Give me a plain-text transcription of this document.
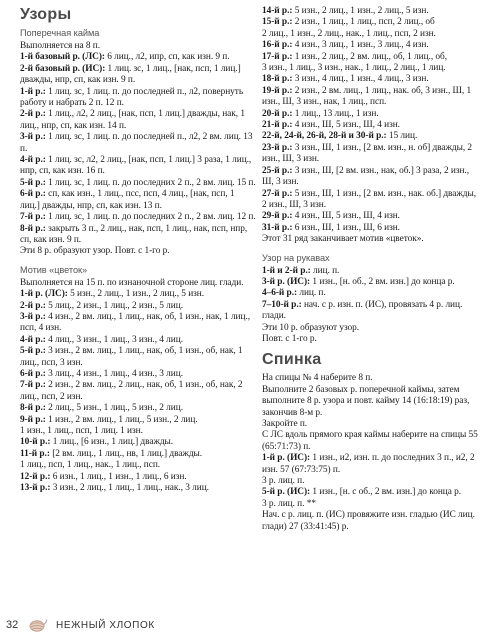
Узоры
Поперечная кайма

Выполняется на 8 п.

1-й базовый р. (ЛС): 6 лиц., л2, ипр, сп, как изн. 9 п.

2-й базовый р. (ИС): 1 лиц. зс, 1 лиц., [нак, псп, 1 лиц.] дважды, нпр, сп, как изн. 9 п.

1-й р.: 1 лиц. зс, 1 лиц. п. до последней п., л2, повернуть работу и набрать 2 п. 12 п.

2-й р.: 1 лиц., л2, 2 лиц., [нак, псп, 1 лиц.] дважды, нак, 1 лиц., нпр, сп, как изн. 14 п.

3-й р.: 1 лиц. зс, 1 лиц. п. до последней п., л2, 2 вм. лиц. 13 п.

4-й р.: 1 лиц. зс, л2, 2 лиц., [нак, псп, 1 лиц.] 3 раза, 1 лиц., нпр, сп, как изн. 16 п.

5-й р.: 1 лиц. зс, 1 лиц. п. до последних 2 п., 2 вм. лиц. 15 п.

6-й р.: сп, как изн., 1 лиц., псс, псп, 4 лиц., [нак, псп, 1 лиц.] дважды, нпр, сп, как изн. 13 п.

7-й р.: 1 лиц. зс, 1 лиц. п. до последних 2 п., 2 вм. лиц. 12 п.

8-й р.: закрыть 3 п., 2 лиц., нак, псп, 1 лиц., нак, псп, нпр, сп, как изн. 9 п.

Эти 8 р. образуют узор. Повт. с 1-го р.

Мотив «цветок»

Выполняется на 15 п. по изнаночной стороне лиц. глади.

1-й р. (ЛС): 5 изн., 2 лиц., 1 изн., 2 лиц., 5 изн.

2-й р.: 5 лиц., 2 изн., 1 лиц., 2 изн., 5 лиц.

3-й р.: 4 изн., 2 вм. лиц., 1 лиц., нак, об, 1 изн., нак, 1 лиц., псп, 4 изн.

4-й р.: 4 лиц., 3 изн., 1 лиц., 3 изн., 4 лиц.

5-й р.: 3 изн., 2 вм. лиц., 1 лиц., нак, об, 1 изн., об, нак, 1 лиц., псп, 3 изн.

6-й р.: 3 лиц., 4 изн., 1 лиц., 4 изн., 3 лиц.

7-й р.: 2 изн., 2 вм. лиц., 2 лиц., нак, об, 1 изн., об, нак, 2 лиц., псп, 2 изн.

8-й р.: 2 лиц., 5 изн., 1 лиц., 5 изн., 2 лиц.

9-й р.: 1 изн., 2 вм. лиц., 1 лиц., 5 изн., 2 лиц.

1 изн., 1 лиц., псп, 1 лиц. 1 изн.

10-й р.: 1 лиц., [6 изн., 1 лиц.] дважды.

11-й р.: [2 вм. лиц., 1 лиц., нв, 1 лиц.] дважды.

1 лиц., псп, 1 лиц., нак., 1 лиц., псп.

12-й р.: 6 изн., 1 лиц., 1 изн., 1 лиц., 6 изн.

13-й р.: 3 изн., 2 лиц., 1 лиц., 1 лиц., нак., 3 лиц.

14-й р.: 5 изн., 2 лиц., 1 изн., 2 лиц., 5 изн.

15-й р.: 2 изн., 1 лиц., 1 лиц., псп, 2 лиц., об

2 лиц., 1 изн., 2 лиц., нак., 1 лиц., псп, 2 изн.

16-й р.: 4 изн., 3 лиц., 1 изн., 3 лиц., 4 изн.

17-й р.: 1 изн., 2 лиц., 2 вм. лиц., об, 1 лиц., об,

3 изн., 1 лиц., 3 изн., нак., 1 лиц., 2 лиц., 1 лиц.

18-й р.: 3 изн., 4 лиц., 1 изн., 4 лиц., 3 изн.

19-й р.: 2 изн., 2 вм. лиц., 1 лиц., нак. об, 3 изн., Ш, 1 изн., Ш, 3 изн., нак, 1 лиц., псп.

20-й р.: 1 лиц., 13 лиц., 1 изн.

21-й р.: 4 изн., Ш, 5 изн., Ш, 4 изн.

22-й, 24-й, 26-й, 28-й и 30-й р.: 15 лиц.

23-й р.: 3 изн., Ш, 1 изн., [2 вм. изн., н. об] дважды, 2 изн., Ш, 3 изн.

25-й р.: 3 изн., Ш, [2 вм. изн., нак, об.] 3 раза, 2 изн., Ш, 3 изн.

27-й р.: 5 изн., Ш, 1 изн., [2 вм. изн., нак. об.] дважды, 2 изн., Ш, 3 изн.

29-й р.: 4 изн., Ш, 5 изн., Ш, 4 изн.

31-й р.: 6 изн., Ш, 1 изн., Ш, 6 изн.

Этот 31 ряд заканчивает мотив «цветок».

Узор на рукавах

1-й и 2-й р.: лиц. п.

3-й р. (ИС): 1 изн., [н. об., 2 вм. изн.] до конца р.

4–6-й р.: лиц. п.

7–10-й р.: нач. с р. изн. п. (ИС), провязать 4 р. лиц. глади.

Эти 10 р. образуют узор.

Повт. с 1-го р.

Спинка

На спицы № 4 наберите 8 п.

Выполните 2 базовых р. поперечной каймы, затем выполните 8 р. узора и повт. кайму 14 (16:18:19) раз, закончив 8-м р.

Закройте п.

С ЛС вдоль прямого края каймы наберите на спицы 55 (65:71:73) п.

1-й р. (ИС): 1 изн., и2, изн. п. до последних 3 п., и2, 2 изн. 57 (67:73:75) п.

3 р. лиц. п.

5-й р. (ИС): 1 изн., [н. с об., 2 вм. изн.] до конца р.

3 р. лиц. п. **

Нач. с р. лиц. п. (ИС) провяжите изн. гладью (ИС лиц. глади) 27 (33:41:45) р.

32	НЕЖНЫЙ ХЛОПОК
